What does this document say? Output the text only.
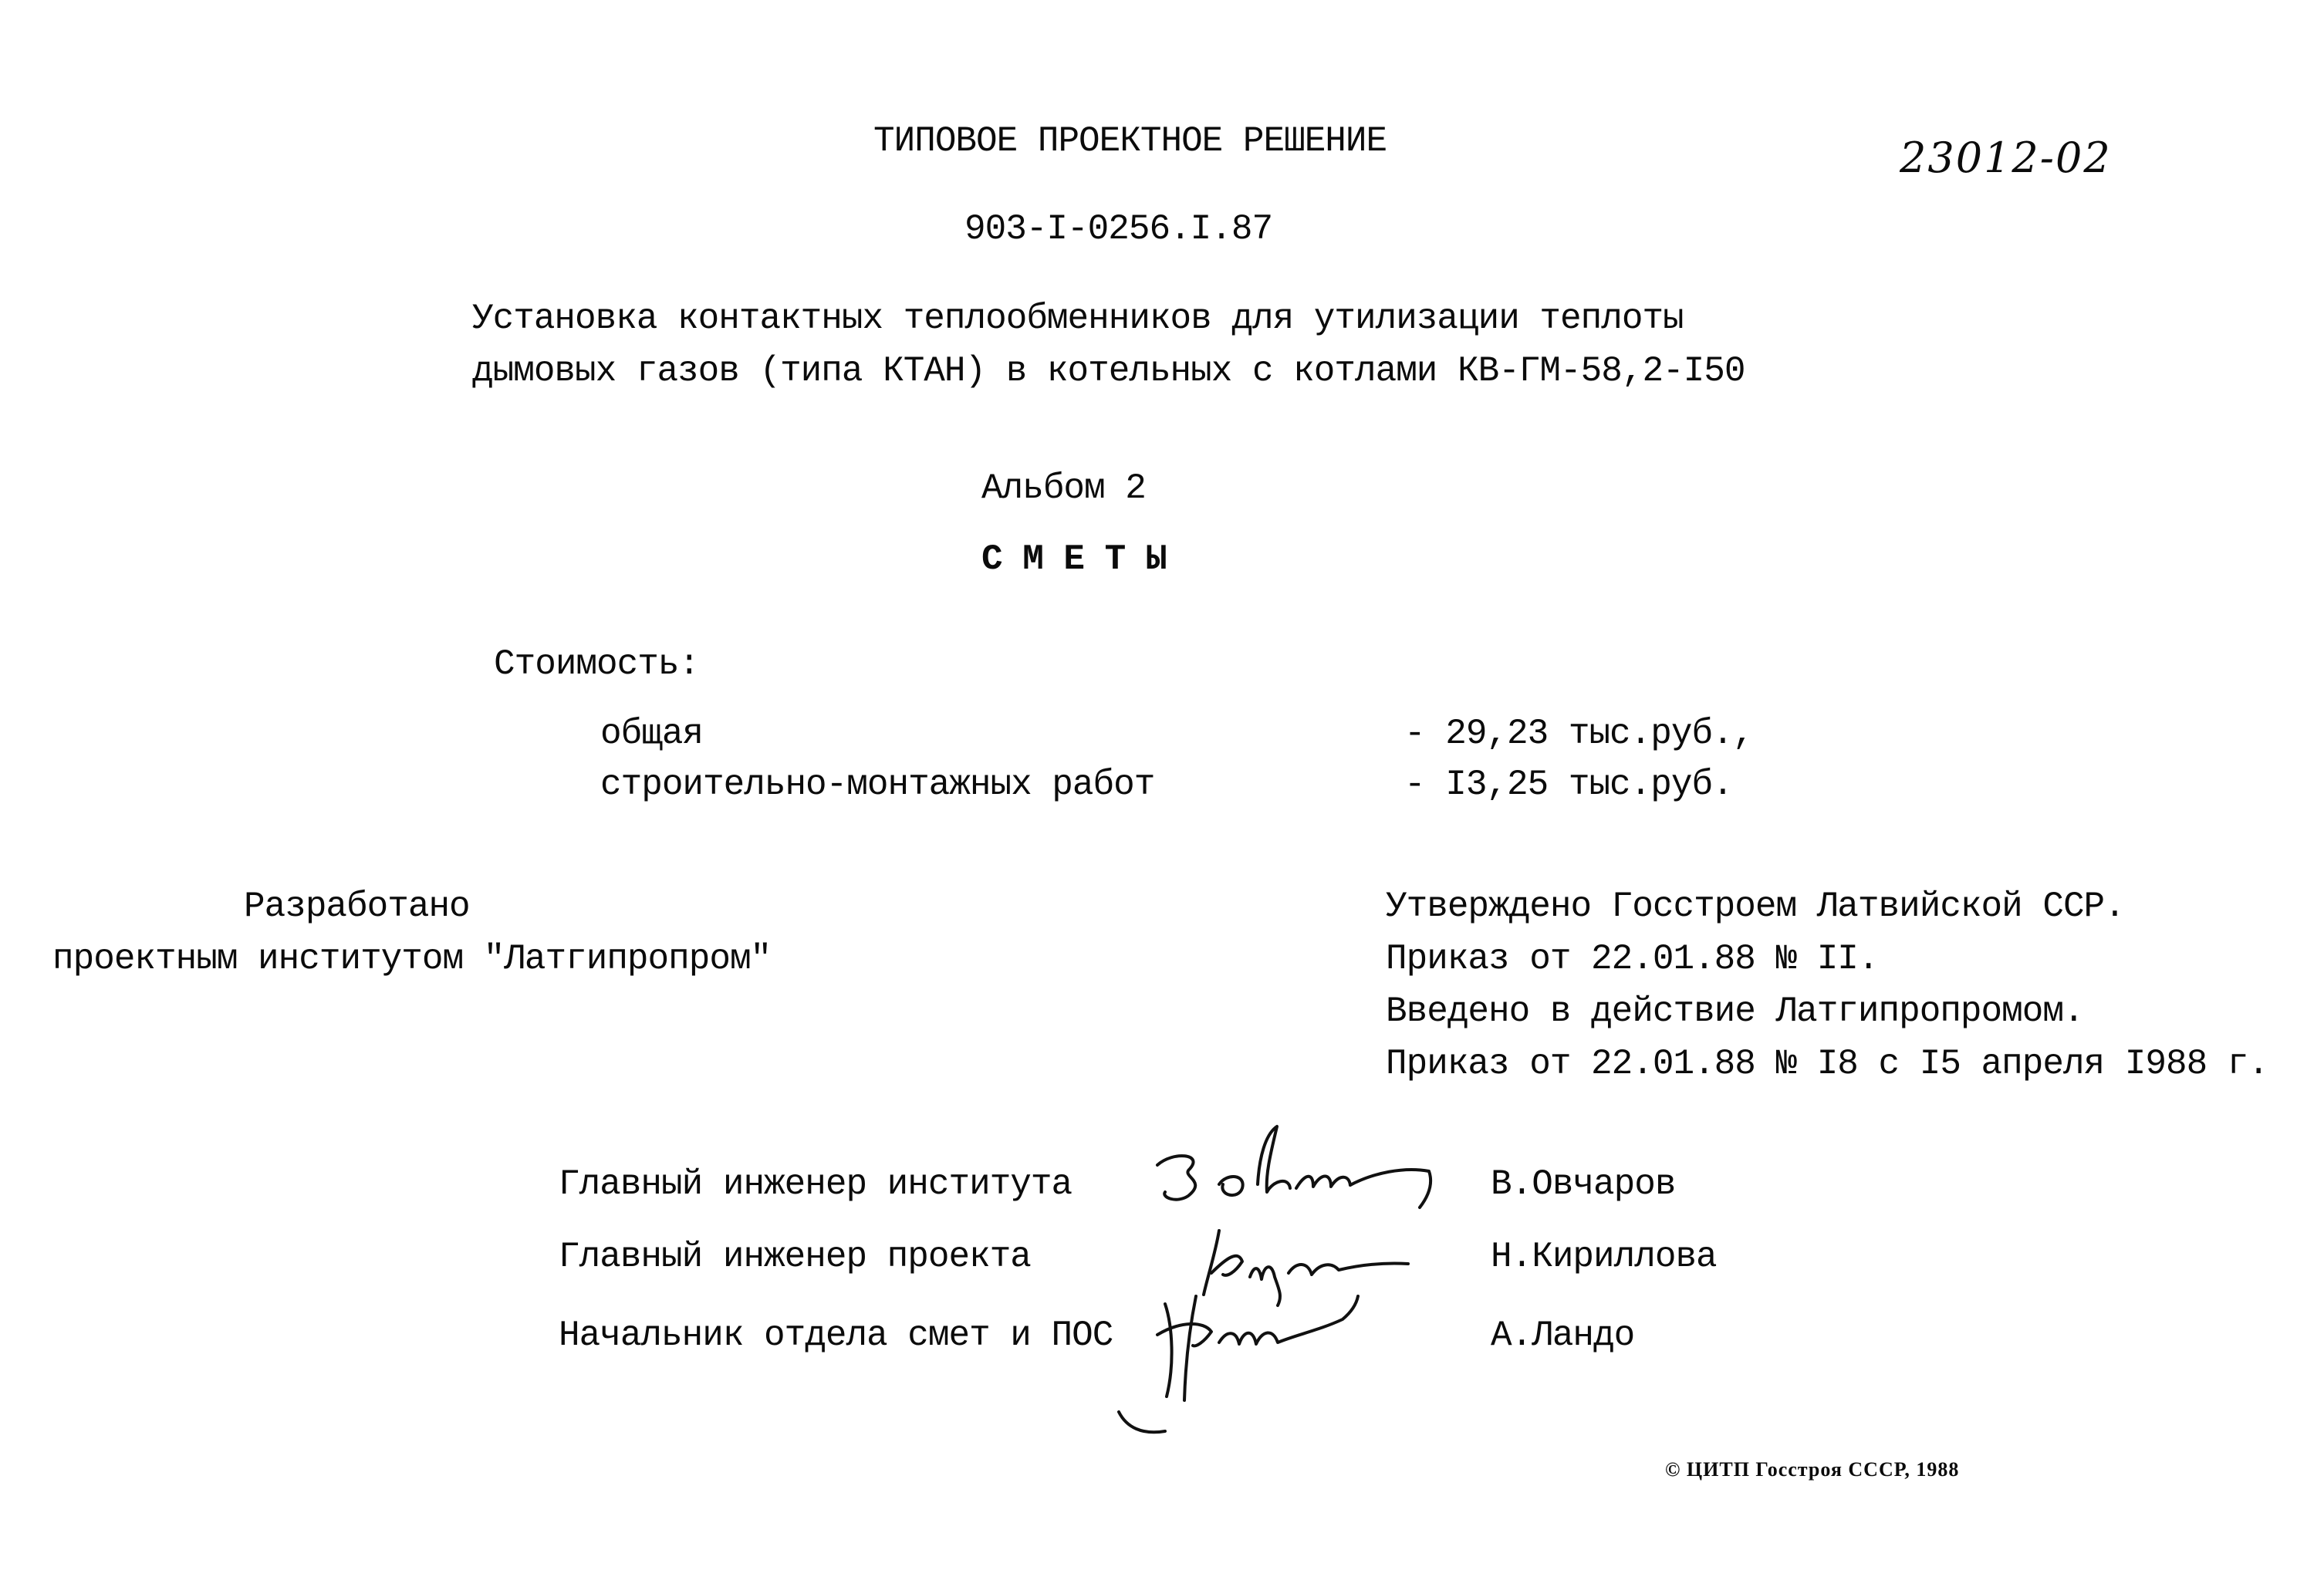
ТИПОВОЕ ПРОЕКТНОЕ РЕШЕНИЕ	23012-02
903-I-0256.I.87
Установка контактных теплообменников для утилизации теплоты
дымовых газов (типа КТАН) в котельных с котлами КВ-ГМ-58,2-I50
Альбом 2
С М Е Т Ы
Стоимость:
общая	- 29,23 тыс.руб.,
строительно-монтажных работ	- I3,25 тыс.руб.
Разработано
проектным институтом "Латгипропром"
Утверждено Госстроем Латвийской ССР.
Приказ от 22.01.88 № II.
Введено в действие Латгипропромом.
Приказ от 22.01.88 № I8 с I5 апреля I988 г.
Главный инженер института	В.Овчаров
Главный инженер проекта	Н.Кириллова
Начальник отдела смет и ПОС	А.Ландо
© ЦИТП Госстроя СССР, 1988
